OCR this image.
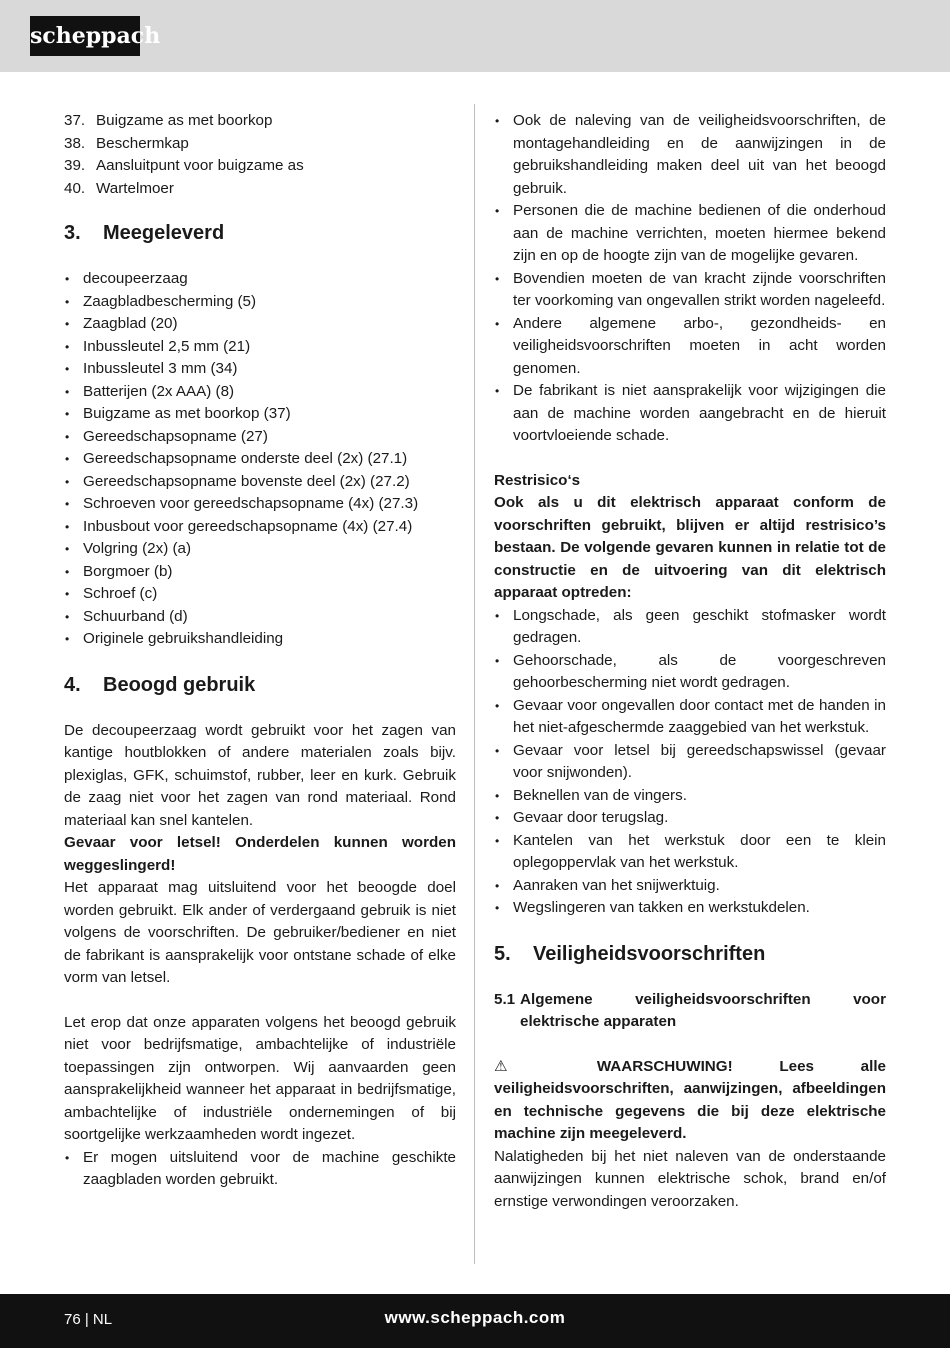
scheppach
37. Buigzame as met boorkop
38. Beschermkap
39. Aansluitpunt voor buigzame as
40. Wartelmoer
3.	Meegeleverd
• decoupeerzaag
• Zaagbladbescherming (5)
• Zaagblad (20)
• Inbussleutel 2,5 mm (21)
• Inbussleutel 3 mm (34)
• Batterijen (2x AAA) (8)
• Buigzame as met boorkop (37)
• Gereedschapsopname (27)
• Gereedschapsopname onderste deel (2x) (27.1)
• Gereedschapsopname bovenste deel (2x) (27.2)
• Schroeven voor gereedschapsopname (4x) (27.3)
• Inbusbout voor gereedschapsopname (4x) (27.4)
• Volgring (2x) (a)
• Borgmoer (b)
• Schroef (c)
• Schuurband (d)
• Originele gebruikshandleiding
4.	Beoogd gebruik

De decoupeerzaag wordt gebruikt voor het zagen van kantige houtblokken of andere materialen zoals bijv. plexiglas, GFK, schuimstof, rubber, leer en kurk. Gebruik de zaag niet voor het zagen van rond materiaal. Rond materiaal kan snel kantelen.

Gevaar voor letsel! Onderdelen kunnen worden weggeslingerd!

Het apparaat mag uitsluitend voor het beoogde doel worden gebruikt. Elk ander of verdergaand gebruik is niet volgens de voorschriften. De gebruiker/bediener en niet de fabrikant is aansprakelijk voor ontstane schade of elke vorm van letsel.

Let erop dat onze apparaten volgens het beoogd gebruik niet voor bedrijfsmatige, ambachtelijke of industriële toepassingen zijn ontworpen. Wij aanvaarden geen aansprakelijkheid wanneer het apparaat in bedrijfsmatige, ambachtelijke of industriële ondernemingen of bij soortgelijke werkzaamheden wordt ingezet.

• Er mogen uitsluitend voor de machine geschikte zaagbladen worden gebruikt.
• Ook de naleving van de veiligheidsvoorschriften, de montagehandleiding en de aanwijzingen in de gebruikshandleiding maken deel uit van het beoogd gebruik.
• Personen die de machine bedienen of die onderhoud aan de machine verrichten, moeten hiermee bekend zijn en op de hoogte zijn van de mogelijke gevaren.
• Bovendien moeten de van kracht zijnde voorschriften ter voorkoming van ongevallen strikt worden nageleefd.
• Andere algemene arbo-, gezondheids- en veiligheidsvoorschriften moeten in acht worden genomen.
• De fabrikant is niet aansprakelijk voor wijzigingen die aan de machine worden aangebracht en de hieruit voortvloeiende schade.

Restrisico‘s

Ook als u dit elektrisch apparaat conform de voorschriften gebruikt, blijven er altijd restrisico’s bestaan. De volgende gevaren kunnen in relatie tot de constructie en de uitvoering van dit elektrisch apparaat optreden:

• Longschade, als geen geschikt stofmasker wordt gedragen.
• Gehoorschade, als de voorgeschreven gehoorbescherming niet wordt gedragen.
• Gevaar voor ongevallen door contact met de handen in het niet-afgeschermde zaaggebied van het werkstuk.
• Gevaar voor letsel bij gereedschapswissel (gevaar voor snijwonden).
• Beknellen van de vingers.
• Gevaar door terugslag.
• Kantelen van het werkstuk door een te klein oplegoppervlak van het werkstuk.
• Aanraken van het snijwerktuig.
• Wegslingeren van takken en werkstukdelen.
5.	Veiligheidsvoorschriften
5.1 Algemene veiligheidsvoorschriften voor elektrische apparaten

⚠	WAARSCHUWING! Lees alle veiligheidsvoorschriften, aanwijzingen, afbeeldingen en technische gegevens die bij deze elektrische machine zijn meegeleverd.

Nalatigheden bij het niet naleven van de onderstaande aanwijzingen kunnen elektrische schok, brand en/of ernstige verwondingen veroorzaken.

76 | NL	www.scheppach.com
